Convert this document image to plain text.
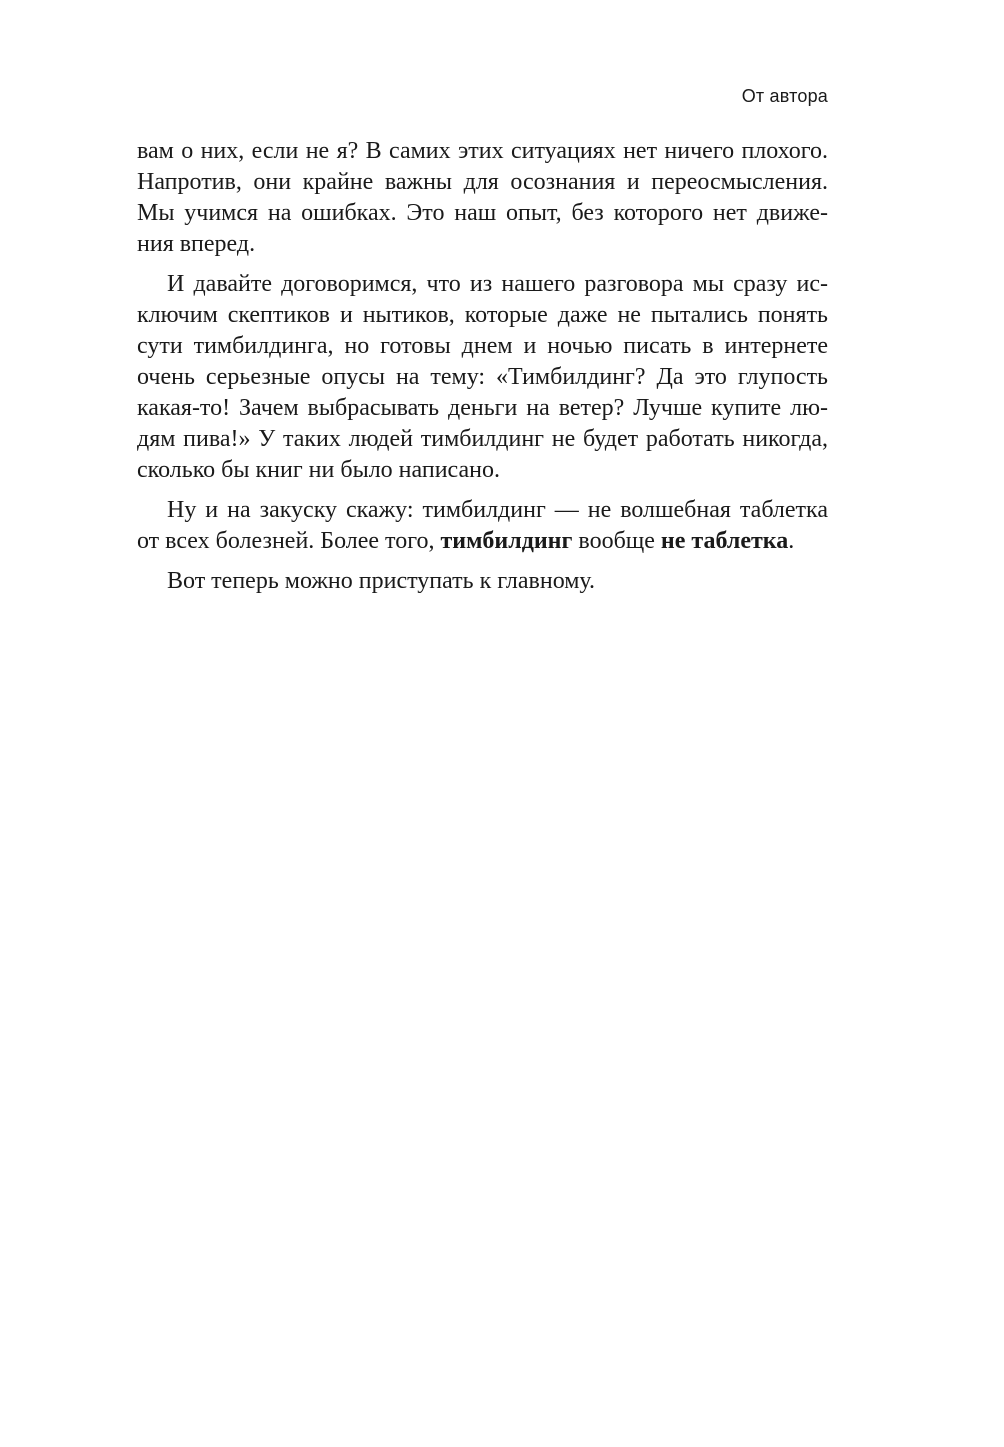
От автора

вам о них, если не я? В самих этих ситуациях нет ничего плохого.
Напротив, они крайне важны для осознания и переосмысления.
Мы учимся на ошибках. Это наш опыт, без которого нет движе-
ния вперед.

И давайте договоримся, что из нашего разговора мы сразу ис-
ключим скептиков и нытиков, которые даже не пытались понять
сути тимбилдинга, но готовы днем и ночью писать в интернете
очень серьезные опусы на тему: «Тимбилдинг? Да это глупость
какая-то! Зачем выбрасывать деньги на ветер? Лучше купите лю-
дям пива!» У таких людей тимбилдинг не будет работать никогда,
сколько бы книг ни было написано.

Ну и на закуску скажу: тимбилдинг — не волшебная таблетка
от всех болезней. Более того, тимбилдинг вообще не таблетка.

Вот теперь можно приступать к главному.
